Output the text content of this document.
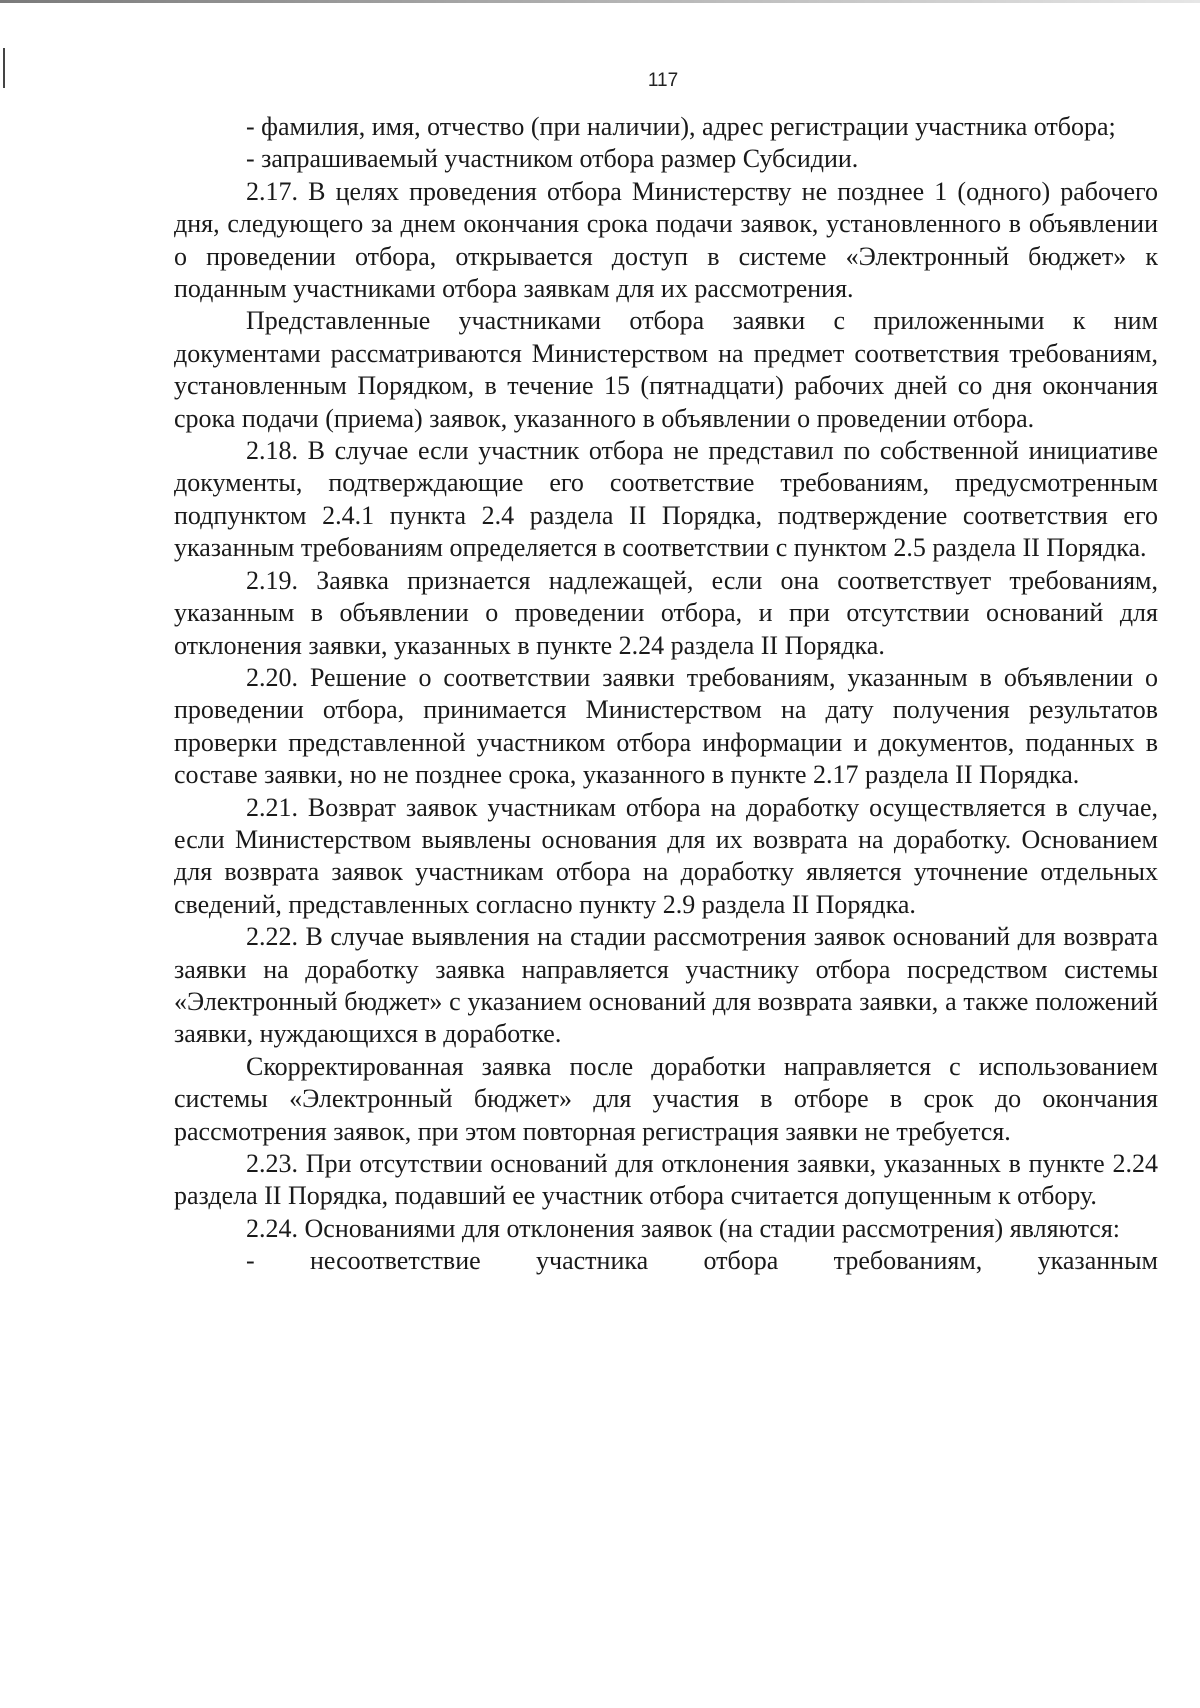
117

- фамилия, имя, отчество (при наличии), адрес регистрации участника отбора;

- запрашиваемый участником отбора размер Субсидии.

2.17. В целях проведения отбора Министерству не позднее 1 (одного) рабочего дня, следующего за днем окончания срока подачи заявок, установленного в объявлении о проведении отбора, открывается доступ в системе «Электронный бюджет» к поданным участниками отбора заявкам для их рассмотрения.

Представленные участниками отбора заявки с приложенными к ним документами рассматриваются Министерством на предмет соответствия требованиям, установленным Порядком, в течение 15 (пятнадцати) рабочих дней со дня окончания срока подачи (приема) заявок, указанного в объявлении о проведении отбора.

2.18. В случае если участник отбора не представил по собственной инициативе документы, подтверждающие его соответствие требованиям, предусмотренным подпунктом 2.4.1 пункта 2.4 раздела II Порядка, подтверждение соответствия его указанным требованиям определяется в соответствии с пунктом 2.5 раздела II Порядка.

2.19. Заявка признается надлежащей, если она соответствует требованиям, указанным в объявлении о проведении отбора, и при отсутствии оснований для отклонения заявки, указанных в пункте 2.24 раздела II Порядка.

2.20. Решение о соответствии заявки требованиям, указанным в объявлении о проведении отбора, принимается Министерством на дату получения результатов проверки представленной участником отбора информации и документов, поданных в составе заявки, но не позднее срока, указанного в пункте 2.17 раздела II Порядка.

2.21. Возврат заявок участникам отбора на доработку осуществляется в случае, если Министерством выявлены основания для их возврата на доработку. Основанием для возврата заявок участникам отбора на доработку является уточнение отдельных сведений, представленных согласно пункту 2.9 раздела II Порядка.

2.22. В случае выявления на стадии рассмотрения заявок оснований для возврата заявки на доработку заявка направляется участнику отбора посредством системы «Электронный бюджет» с указанием оснований для возврата заявки, а также положений заявки, нуждающихся в доработке.

Скорректированная заявка после доработки направляется с использованием системы «Электронный бюджет» для участия в отборе в срок до окончания рассмотрения заявок, при этом повторная регистрация заявки не требуется.

2.23. При отсутствии оснований для отклонения заявки, указанных в пункте 2.24 раздела II Порядка, подавший ее участник отбора считается допущенным к отбору.

2.24. Основаниями для отклонения заявок (на стадии рассмотрения) являются:

- несоответствие участника отбора требованиям, указанным
